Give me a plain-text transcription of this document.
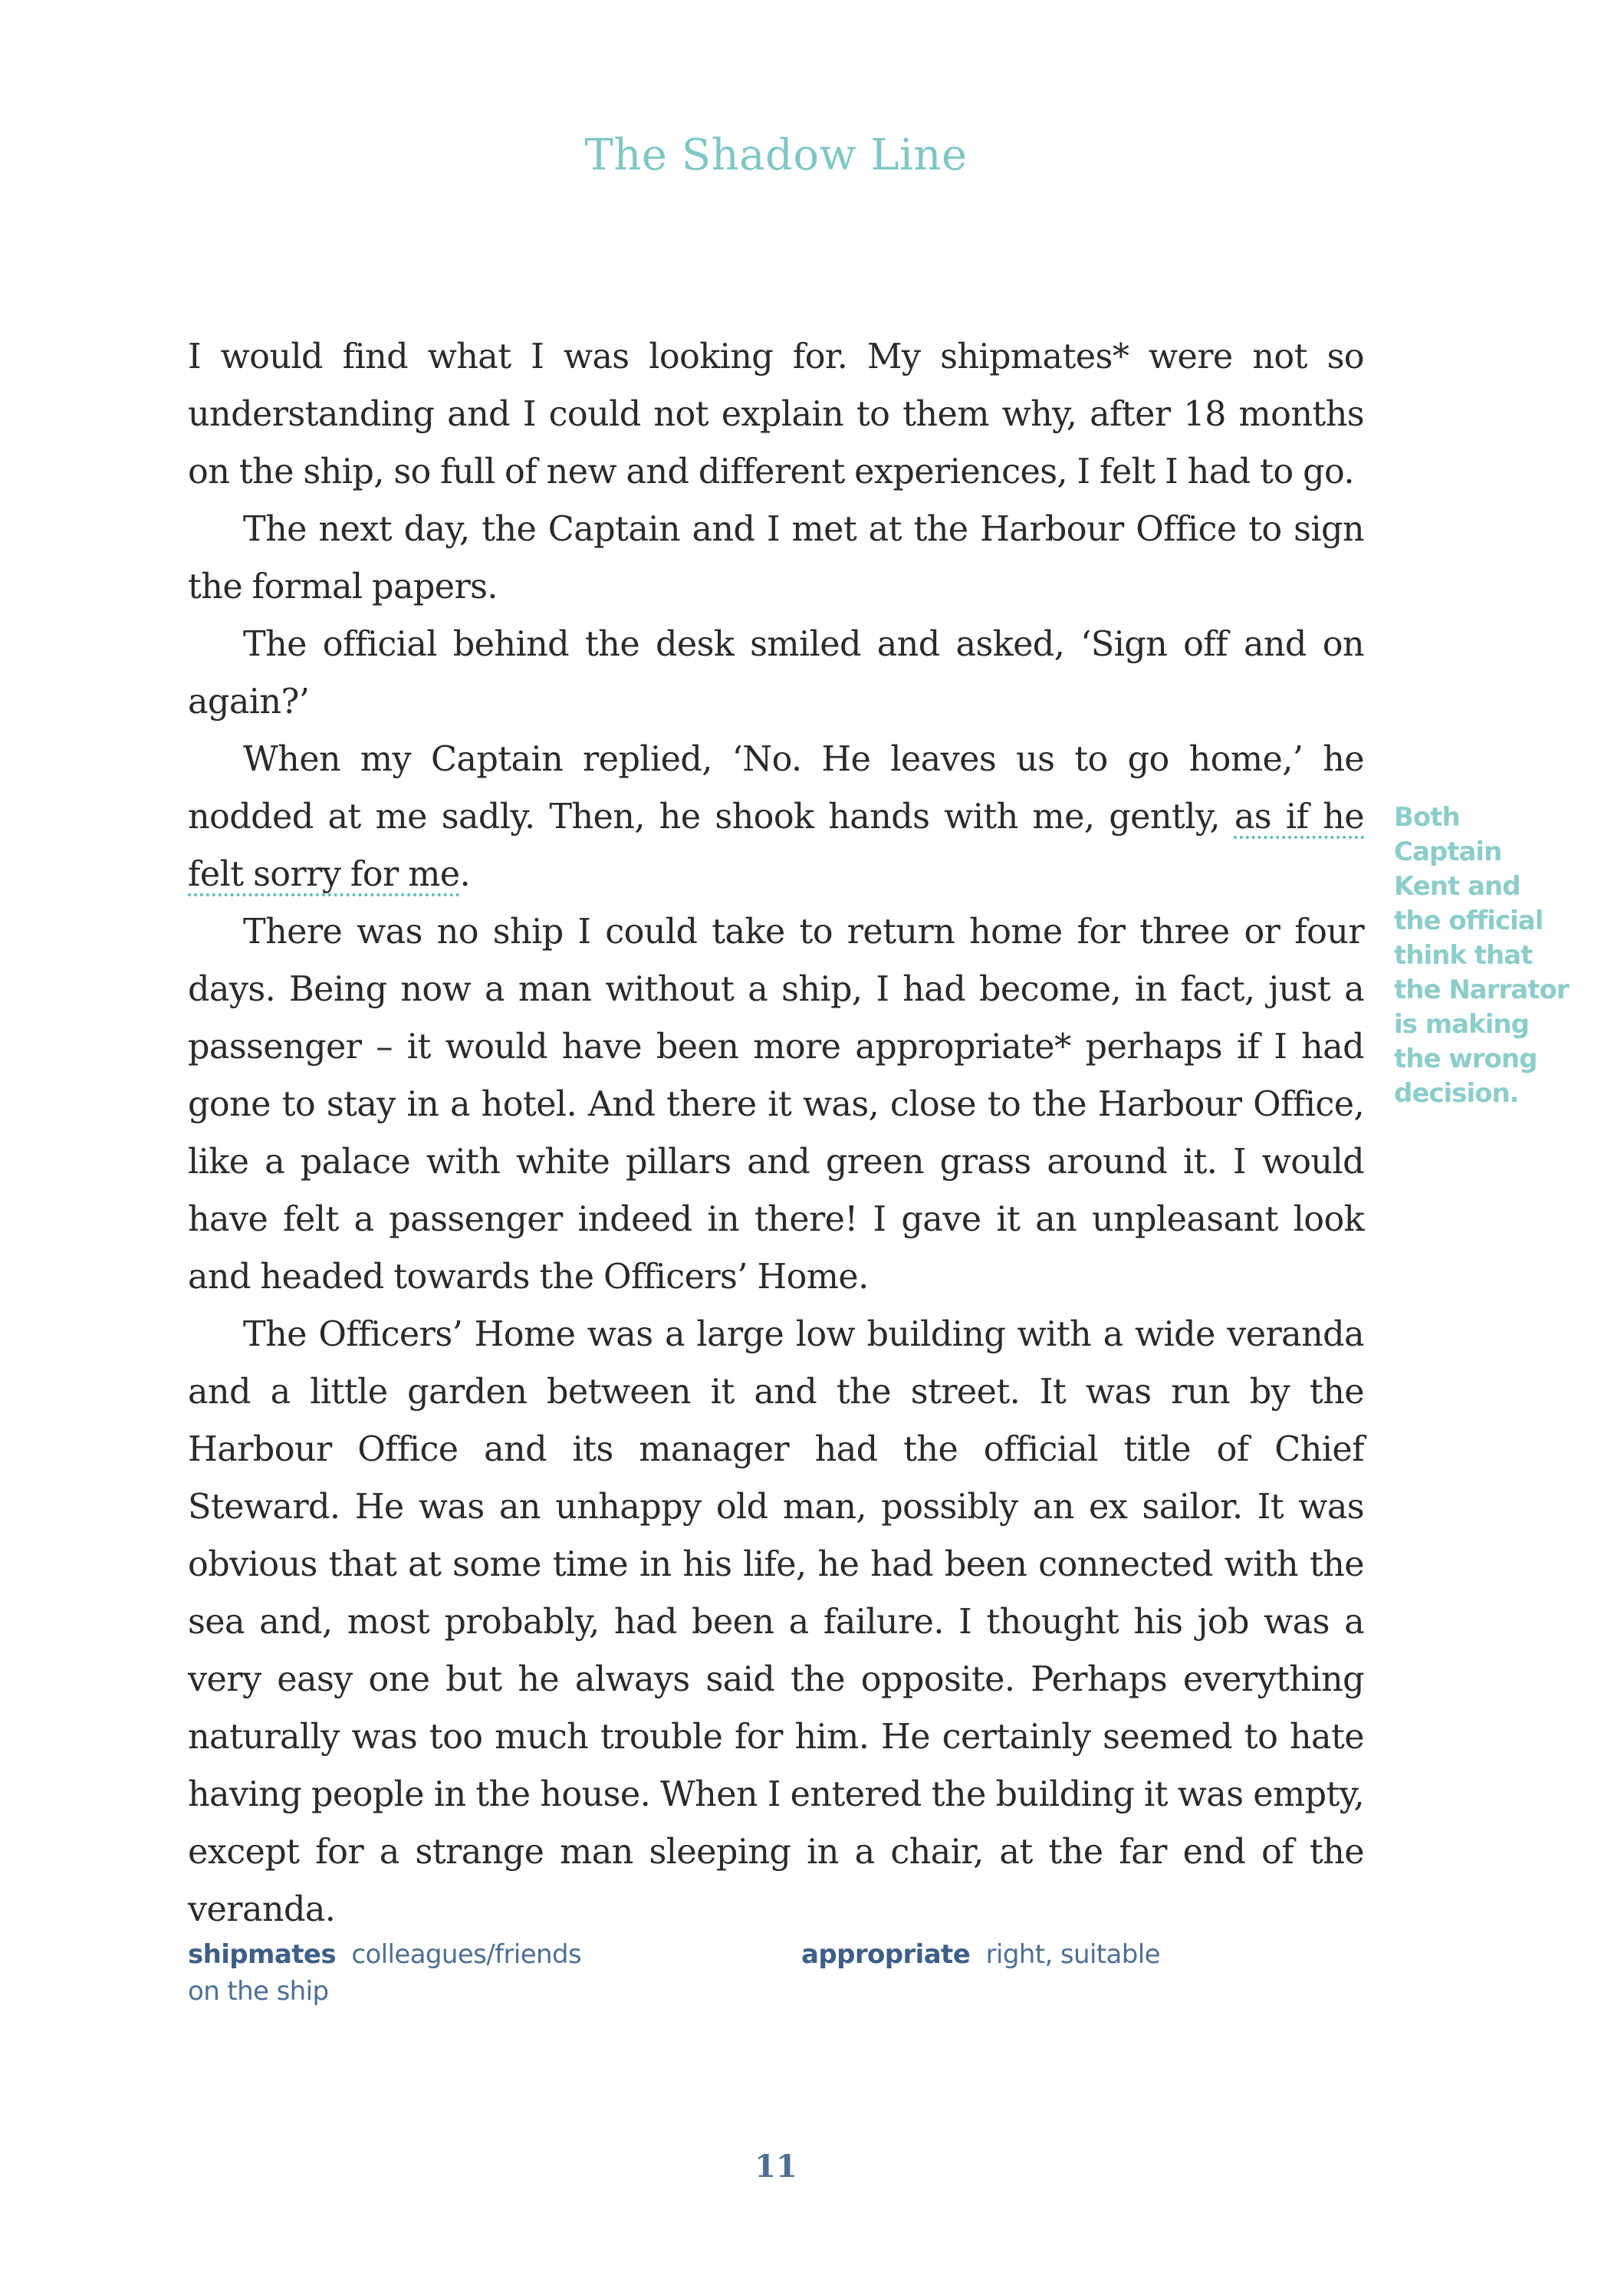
The Shadow Line

I would find what I was looking for. My shipmates* were not so understanding and I could not explain to them why, after 18 months on the ship, so full of new and different experiences, I felt I had to go.

The next day, the Captain and I met at the Harbour Office to sign the formal papers.

The official behind the desk smiled and asked, ‘Sign off and on again?’

When my Captain replied, ‘No. He leaves us to go home,’ he nodded at me sadly. Then, he shook hands with me, gently, as if he felt sorry for me.

There was no ship I could take to return home for three or four days. Being now a man without a ship, I had become, in fact, just a passenger – it would have been more appropriate* perhaps if I had gone to stay in a hotel. And there it was, close to the Harbour Office, like a palace with white pillars and green grass around it. I would have felt a passenger indeed in there! I gave it an unpleasant look and headed towards the Officers’ Home.

The Officers’ Home was a large low building with a wide veranda and a little garden between it and the street. It was run by the Harbour Office and its manager had the official title of Chief Steward. He was an unhappy old man, possibly an ex sailor. It was obvious that at some time in his life, he had been connected with the sea and, most probably, had been a failure. I thought his job was a very easy one but he always said the opposite. Perhaps everything naturally was too much trouble for him. He certainly seemed to hate having people in the house. When I entered the building it was empty, except for a strange man sleeping in a chair, at the far end of the veranda.

Both Captain Kent and the official think that the Narrator is making the wrong decision.
shipmates colleagues/friends on the ship
appropriate right, suitable
11
